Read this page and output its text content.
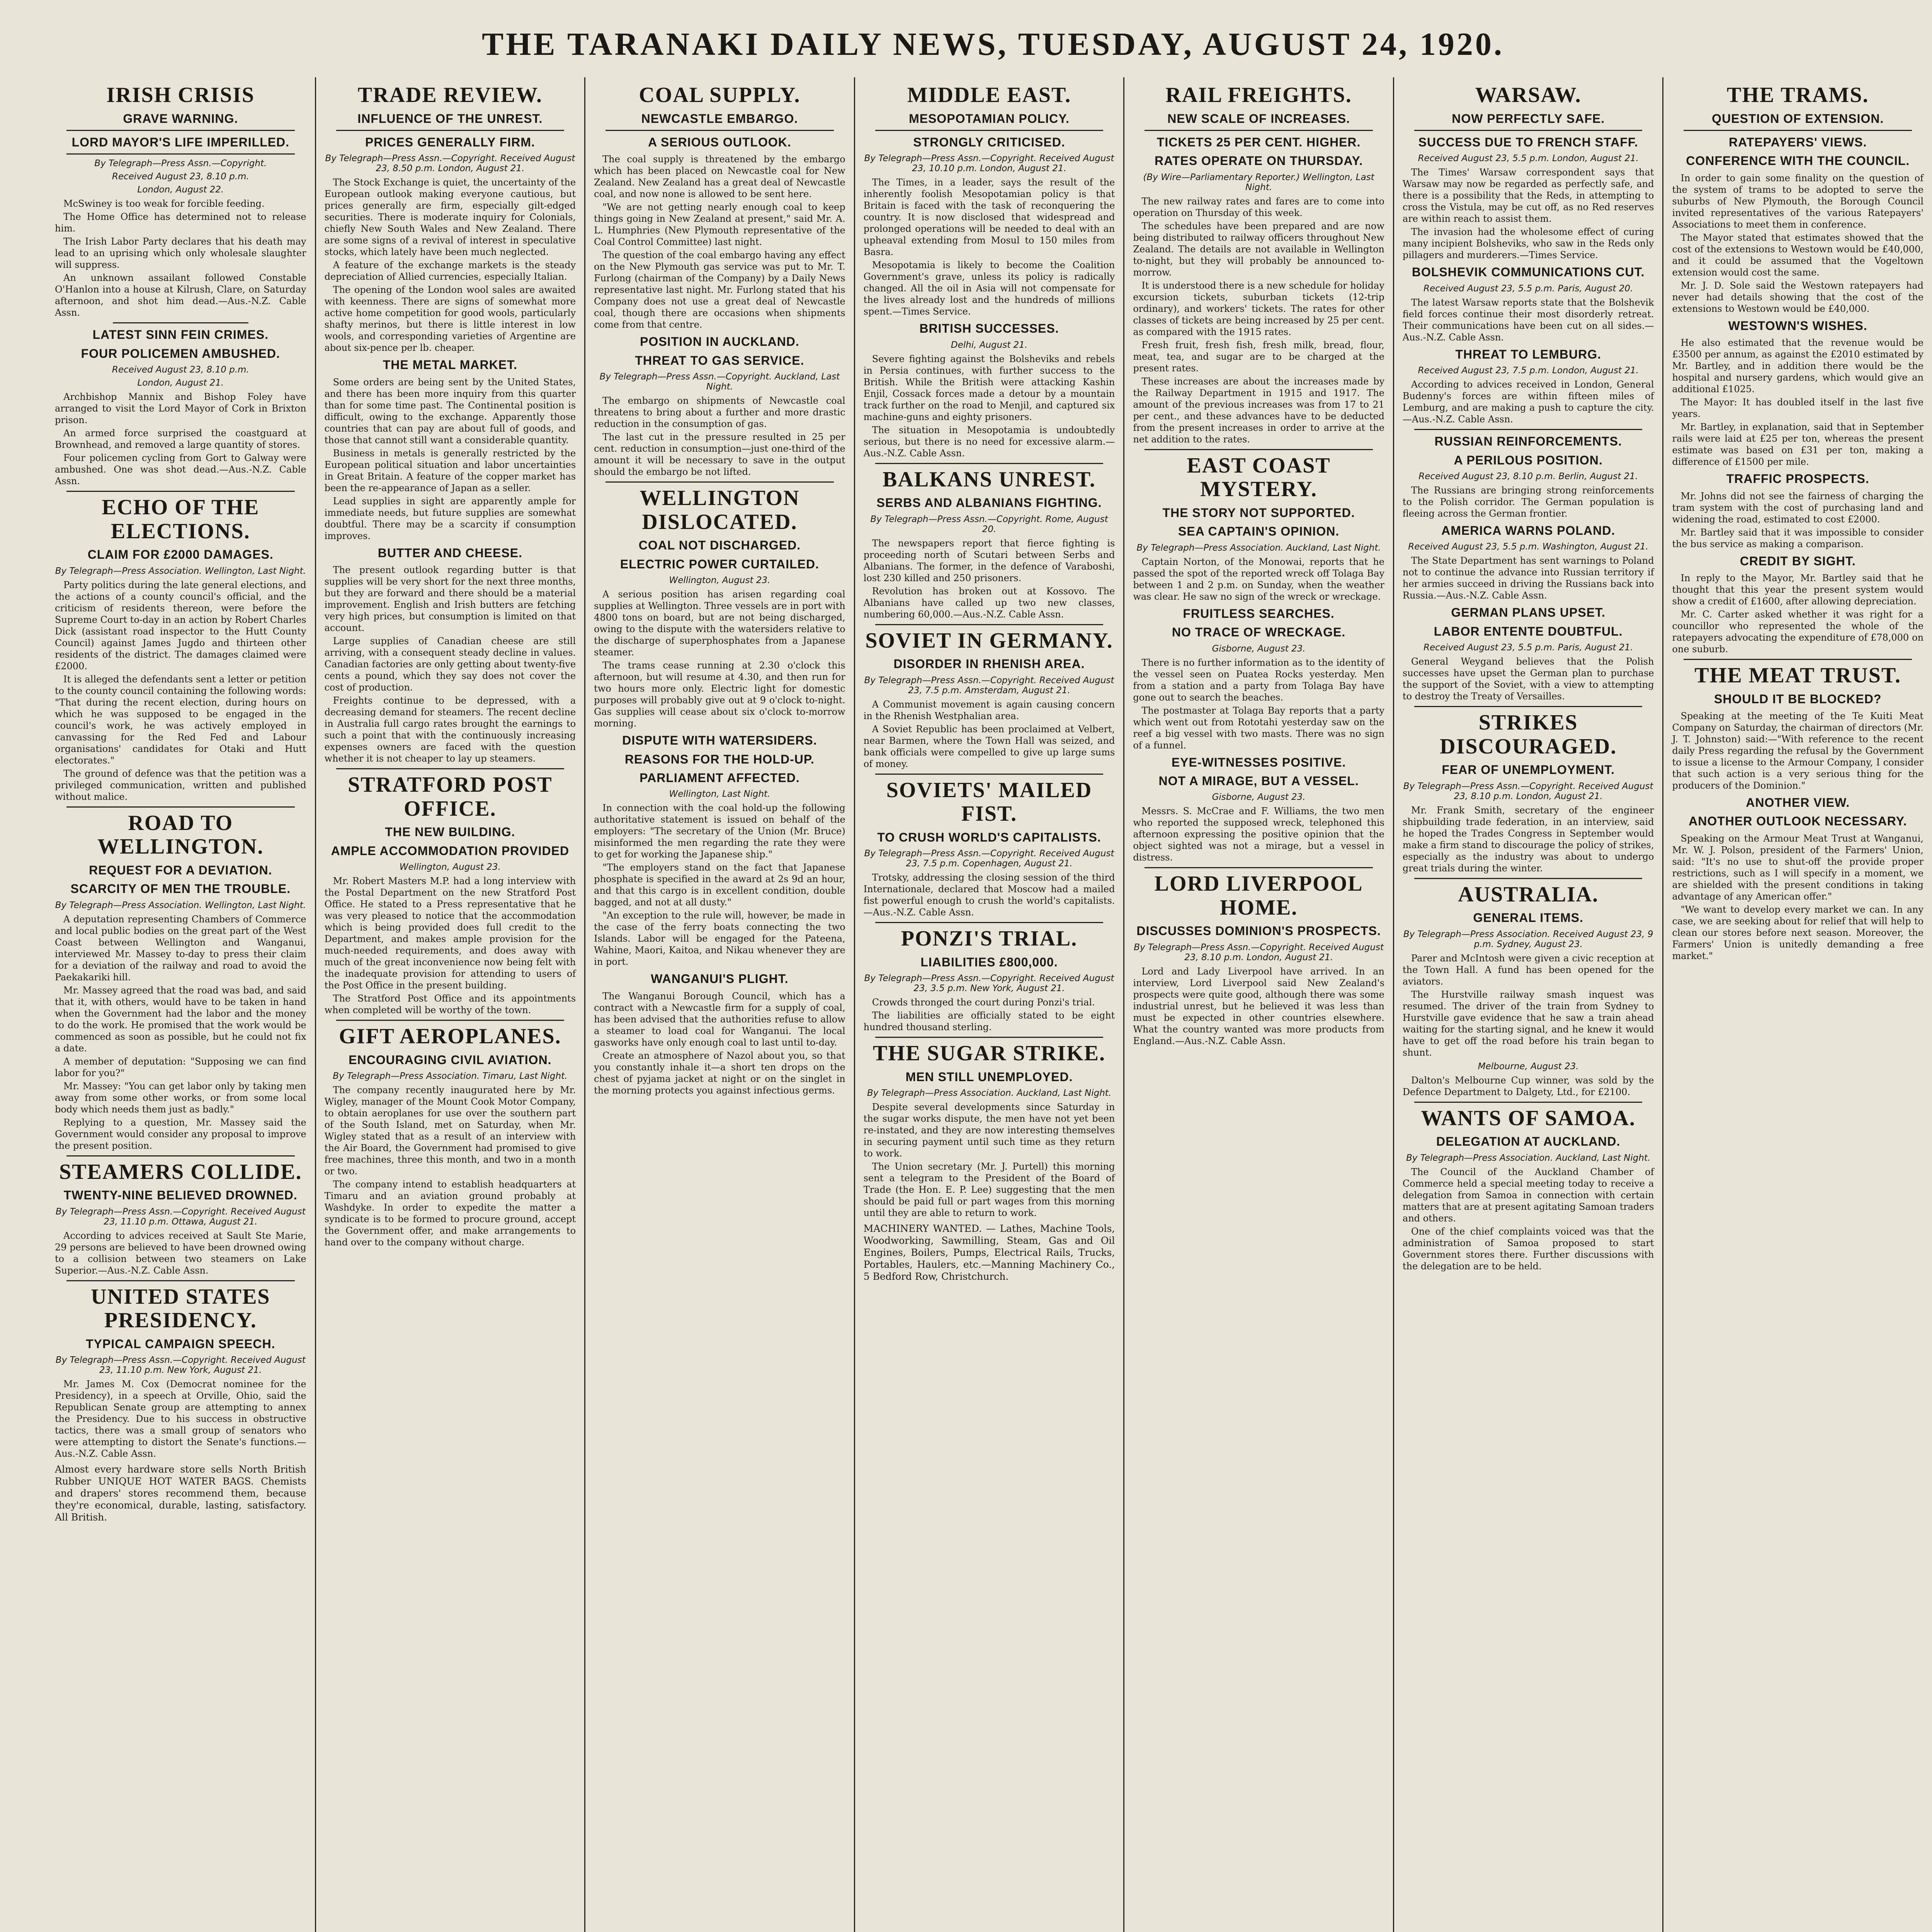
THE TARANAKI DAILY NEWS, TUESDAY, AUGUST 24, 1920.
IRISH CRISIS
GRAVE WARNING.
LORD MAYOR'S LIFE IMPERILLED.
By Telegraph—Press Assn.—Copyright.
Received August 23, 8.10 p.m.
London, August 22.
McSwiney is too weak for forcible feeding.
The Home Office has determined not to release him.
The Irish Labor Party declares that his death may lead to an uprising which only wholesale slaughter will suppress.
An unknown assailant followed Constable O'Hanlon into a house at Kilrush, Clare, on Saturday afternoon, and shot him dead.—Aus.-N.Z. Cable Assn.
LATEST SINN FEIN CRIMES.
FOUR POLICEMEN AMBUSHED.
Received August 23, 8.10 p.m.
London, August 21.
Archbishop Mannix and Bishop Foley have arranged to visit the Lord Mayor of Cork in Brixton prison.
An armed force surprised the coastguard at Brownhead, and removed a large quantity of stores.
Four policemen cycling from Gort to Galway were ambushed. One was shot dead.—Aus.-N.Z. Cable Assn.
ECHO OF THE ELECTIONS.
CLAIM FOR £2000 DAMAGES.
By Telegraph—Press Association. Wellington, Last Night.
Party politics during the late general elections, and the actions of a county council's official, and the criticism of residents thereon, were before the Supreme Court to-day in an action by Robert Charles Dick (assistant road inspector to the Hutt County Council) against James Jugdo and thirteen other residents of the district. The damages claimed were £2000.
It is alleged the defendants sent a letter or petition to the county council containing the following words: "That during the recent election, during hours on which he was supposed to be engaged in the council's work, he was actively employed in canvassing for the Red Fed and Labour organisations' candidates for Otaki and Hutt electorates."
The ground of defence was that the petition was a privileged communication, written and published without malice.
ROAD TO WELLINGTON.
REQUEST FOR A DEVIATION.
SCARCITY OF MEN THE TROUBLE.
By Telegraph—Press Association. Wellington, Last Night.
A deputation representing Chambers of Commerce and local public bodies on the great part of the West Coast between Wellington and Wanganui, interviewed Mr. Massey to-day to press their claim for a deviation of the railway and road to avoid the Paekakariki hill.
Mr. Massey agreed that the road was bad, and said that it, with others, would have to be taken in hand when the Government had the labor and the money to do the work. He promised that the work would be commenced as soon as possible, but he could not fix a date.
A member of deputation: "Supposing we can find labor for you?"
Mr. Massey: "You can get labor only by taking men away from some other works, or from some local body which needs them just as badly."
Replying to a question, Mr. Massey said the Government would consider any proposal to improve the present position.
STEAMERS COLLIDE.
TWENTY-NINE BELIEVED DROWNED.
By Telegraph—Press Assn.—Copyright. Received August 23, 11.10 p.m. Ottawa, August 21.
According to advices received at Sault Ste Marie, 29 persons are believed to have been drowned owing to a collision between two steamers on Lake Superior.—Aus.-N.Z. Cable Assn.
UNITED STATES PRESIDENCY.
TYPICAL CAMPAIGN SPEECH.
By Telegraph—Press Assn.—Copyright. Received August 23, 11.10 p.m. New York, August 21.
Mr. James M. Cox (Democrat nominee for the Presidency), in a speech at Orville, Ohio, said the Republican Senate group are attempting to annex the Presidency. Due to his success in obstructive tactics, there was a small group of senators who were attempting to distort the Senate's functions.—Aus.-N.Z. Cable Assn.
Almost every hardware store sells North British Rubber UNIQUE HOT WATER BAGS. Chemists and drapers' stores recommend them, because they're economical, durable, lasting, satisfactory. All British.
TRADE REVIEW.
INFLUENCE OF THE UNREST.
PRICES GENERALLY FIRM.
By Telegraph—Press Assn.—Copyright. Received August 23, 8.50 p.m. London, August 21.
The Stock Exchange is quiet, the uncertainty of the European outlook making everyone cautious, but prices generally are firm, especially gilt-edged securities. There is moderate inquiry for Colonials, chiefly New South Wales and New Zealand. There are some signs of a revival of interest in speculative stocks, which lately have been much neglected.
A feature of the exchange markets is the steady depreciation of Allied currencies, especially Italian.
The opening of the London wool sales are awaited with keenness. There are signs of somewhat more active home competition for good wools, particularly shafty merinos, but there is little interest in low wools, and corresponding varieties of Argentine are about six-pence per lb. cheaper.
THE METAL MARKET.
Some orders are being sent by the United States, and there has been more inquiry from this quarter than for some time past. The Continental position is difficult, owing to the exchange. Apparently those countries that can pay are about full of goods, and those that cannot still want a considerable quantity.
Business in metals is generally restricted by the European political situation and labor uncertainties in Great Britain. A feature of the copper market has been the re-appearance of Japan as a seller.
Lead supplies in sight are apparently ample for immediate needs, but future supplies are somewhat doubtful. There may be a scarcity if consumption improves.
BUTTER AND CHEESE.
The present outlook regarding butter is that supplies will be very short for the next three months, but they are forward and there should be a material improvement. English and Irish butters are fetching very high prices, but consumption is limited on that account.
Large supplies of Canadian cheese are still arriving, with a consequent steady decline in values. Canadian factories are only getting about twenty-five cents a pound, which they say does not cover the cost of production.
Freights continue to be depressed, with a decreasing demand for steamers. The recent decline in Australia full cargo rates brought the earnings to such a point that with the continuously increasing expenses owners are faced with the question whether it is not cheaper to lay up steamers.
STRATFORD POST OFFICE.
THE NEW BUILDING.
AMPLE ACCOMMODATION PROVIDED
Wellington, August 23.
Mr. Robert Masters M.P. had a long interview with the Postal Department on the new Stratford Post Office. He stated to a Press representative that he was very pleased to notice that the accommodation which is being provided does full credit to the Department, and makes ample provision for the much-needed requirements, and does away with much of the great inconvenience now being felt with the inadequate provision for attending to users of the Post Office in the present building.
The Stratford Post Office and its appointments when completed will be worthy of the town.
GIFT AEROPLANES.
ENCOURAGING CIVIL AVIATION.
By Telegraph—Press Association. Timaru, Last Night.
The company recently inaugurated here by Mr. Wigley, manager of the Mount Cook Motor Company, to obtain aeroplanes for use over the southern part of the South Island, met on Saturday, when Mr. Wigley stated that as a result of an interview with the Air Board, the Government had promised to give free machines, three this month, and two in a month or two.
The company intend to establish headquarters at Timaru and an aviation ground probably at Washdyke. In order to expedite the matter a syndicate is to be formed to procure ground, accept the Government offer, and make arrangements to hand over to the company without charge.
COAL SUPPLY.
NEWCASTLE EMBARGO.
A SERIOUS OUTLOOK.
The coal supply is threatened by the embargo which has been placed on Newcastle coal for New Zealand. New Zealand has a great deal of Newcastle coal, and now none is allowed to be sent here.
"We are not getting nearly enough coal to keep things going in New Zealand at present," said Mr. A. L. Humphries (New Plymouth representative of the Coal Control Committee) last night.
The question of the coal embargo having any effect on the New Plymouth gas service was put to Mr. T. Furlong (chairman of the Company) by a Daily News representative last night. Mr. Furlong stated that his Company does not use a great deal of Newcastle coal, though there are occasions when shipments come from that centre.
POSITION IN AUCKLAND.
THREAT TO GAS SERVICE.
By Telegraph—Press Assn.—Copyright. Auckland, Last Night.
The embargo on shipments of Newcastle coal threatens to bring about a further and more drastic reduction in the consumption of gas.
The last cut in the pressure resulted in 25 per cent. reduction in consumption—just one-third of the amount it will be necessary to save in the output should the embargo be not lifted.
WELLINGTON DISLOCATED.
COAL NOT DISCHARGED.
ELECTRIC POWER CURTAILED.
Wellington, August 23.
A serious position has arisen regarding coal supplies at Wellington. Three vessels are in port with 4800 tons on board, but are not being discharged, owing to the dispute with the watersiders relative to the discharge of superphosphates from a Japanese steamer.
The trams cease running at 2.30 o'clock this afternoon, but will resume at 4.30, and then run for two hours more only. Electric light for domestic purposes will probably give out at 9 o'clock to-night. Gas supplies will cease about six o'clock to-morrow morning.
DISPUTE WITH WATERSIDERS.
REASONS FOR THE HOLD-UP.
PARLIAMENT AFFECTED.
Wellington, Last Night.
In connection with the coal hold-up the following authoritative statement is issued on behalf of the employers: "The secretary of the Union (Mr. Bruce) misinformed the men regarding the rate they were to get for working the Japanese ship."
"The employers stand on the fact that Japanese phosphate is specified in the award at 2s 9d an hour, and that this cargo is in excellent condition, double bagged, and not at all dusty."
"An exception to the rule will, however, be made in the case of the ferry boats connecting the two Islands. Labor will be engaged for the Pateena, Wahine, Maori, Kaitoa, and Nikau whenever they are in port.
WANGANUI'S PLIGHT.
The Wanganui Borough Council, which has a contract with a Newcastle firm for a supply of coal, has been advised that the authorities refuse to allow a steamer to load coal for Wanganui. The local gasworks have only enough coal to last until to-day.
Create an atmosphere of Nazol about you, so that you constantly inhale it—a short ten drops on the chest of pyjama jacket at night or on the singlet in the morning protects you against infectious germs.
MIDDLE EAST.
MESOPOTAMIAN POLICY.
STRONGLY CRITICISED.
By Telegraph—Press Assn.—Copyright. Received August 23, 10.10 p.m. London, August 21.
The Times, in a leader, says the result of the inherently foolish Mesopotamian policy is that Britain is faced with the task of reconquering the country. It is now disclosed that widespread and prolonged operations will be needed to deal with an upheaval extending from Mosul to 150 miles from Basra.
Mesopotamia is likely to become the Coalition Government's grave, unless its policy is radically changed. All the oil in Asia will not compensate for the lives already lost and the hundreds of millions spent.—Times Service.
BRITISH SUCCESSES.
Delhi, August 21.
Severe fighting against the Bolsheviks and rebels in Persia continues, with further success to the British. While the British were attacking Kashin Enjil, Cossack forces made a detour by a mountain track further on the road to Menjil, and captured six machine-guns and eighty prisoners.
The situation in Mesopotamia is undoubtedly serious, but there is no need for excessive alarm.—Aus.-N.Z. Cable Assn.
BALKANS UNREST.
SERBS AND ALBANIANS FIGHTING.
By Telegraph—Press Assn.—Copyright. Rome, August 20.
The newspapers report that fierce fighting is proceeding north of Scutari between Serbs and Albanians. The former, in the defence of Varaboshi, lost 230 killed and 250 prisoners.
Revolution has broken out at Kossovo. The Albanians have called up two new classes, numbering 60,000.—Aus.-N.Z. Cable Assn.
SOVIET IN GERMANY.
DISORDER IN RHENISH AREA.
By Telegraph—Press Assn.—Copyright. Received August 23, 7.5 p.m. Amsterdam, August 21.
A Communist movement is again causing concern in the Rhenish Westphalian area.
A Soviet Republic has been proclaimed at Velbert, near Barmen, where the Town Hall was seized, and bank officials were compelled to give up large sums of money.
SOVIETS' MAILED FIST.
TO CRUSH WORLD'S CAPITALISTS.
By Telegraph—Press Assn.—Copyright. Received August 23, 7.5 p.m. Copenhagen, August 21.
Trotsky, addressing the closing session of the third Internationale, declared that Moscow had a mailed fist powerful enough to crush the world's capitalists.—Aus.-N.Z. Cable Assn.
PONZI'S TRIAL.
LIABILITIES £800,000.
By Telegraph—Press Assn.—Copyright. Received August 23, 3.5 p.m. New York, August 21.
Crowds thronged the court during Ponzi's trial.
The liabilities are officially stated to be eight hundred thousand sterling.
THE SUGAR STRIKE.
MEN STILL UNEMPLOYED.
By Telegraph—Press Association. Auckland, Last Night.
Despite several developments since Saturday in the sugar works dispute, the men have not yet been re-instated, and they are now interesting themselves in securing payment until such time as they return to work.
The Union secretary (Mr. J. Purtell) this morning sent a telegram to the President of the Board of Trade (the Hon. E. P. Lee) suggesting that the men should be paid full or part wages from this morning until they are able to return to work.
MACHINERY WANTED. — Lathes, Machine Tools, Woodworking, Sawmilling, Steam, Gas and Oil Engines, Boilers, Pumps, Electrical Rails, Trucks, Portables, Haulers, etc.—Manning Machinery Co., 5 Bedford Row, Christchurch.
RAIL FREIGHTS.
NEW SCALE OF INCREASES.
TICKETS 25 PER CENT. HIGHER.
RATES OPERATE ON THURSDAY.
(By Wire—Parliamentary Reporter.) Wellington, Last Night.
The new railway rates and fares are to come into operation on Thursday of this week.
The schedules have been prepared and are now being distributed to railway officers throughout New Zealand. The details are not available in Wellington to-night, but they will probably be announced to-morrow.
It is understood there is a new schedule for holiday excursion tickets, suburban tickets (12-trip ordinary), and workers' tickets. The rates for other classes of tickets are being increased by 25 per cent. as compared with the 1915 rates.
Fresh fruit, fresh fish, fresh milk, bread, flour, meat, tea, and sugar are to be charged at the present rates.
These increases are about the increases made by the Railway Department in 1915 and 1917. The amount of the previous increases was from 17 to 21 per cent., and these advances have to be deducted from the present increases in order to arrive at the net addition to the rates.
EAST COAST MYSTERY.
THE STORY NOT SUPPORTED.
SEA CAPTAIN'S OPINION.
By Telegraph—Press Association. Auckland, Last Night.
Captain Norton, of the Monowai, reports that he passed the spot of the reported wreck off Tolaga Bay between 1 and 2 p.m. on Sunday, when the weather was clear. He saw no sign of the wreck or wreckage.
FRUITLESS SEARCHES.
NO TRACE OF WRECKAGE.
Gisborne, August 23.
There is no further information as to the identity of the vessel seen on Puatea Rocks yesterday. Men from a station and a party from Tolaga Bay have gone out to search the beaches.
The postmaster at Tolaga Bay reports that a party which went out from Rototahi yesterday saw on the reef a big vessel with two masts. There was no sign of a funnel.
EYE-WITNESSES POSITIVE.
NOT A MIRAGE, BUT A VESSEL.
Gisborne, August 23.
Messrs. S. McCrae and F. Williams, the two men who reported the supposed wreck, telephoned this afternoon expressing the positive opinion that the object sighted was not a mirage, but a vessel in distress.
LORD LIVERPOOL HOME.
DISCUSSES DOMINION'S PROSPECTS.
By Telegraph—Press Assn.—Copyright. Received August 23, 8.10 p.m. London, August 21.
Lord and Lady Liverpool have arrived. In an interview, Lord Liverpool said New Zealand's prospects were quite good, although there was some industrial unrest, but he believed it was less than must be expected in other countries elsewhere. What the country wanted was more products from England.—Aus.-N.Z. Cable Assn.
WARSAW.
NOW PERFECTLY SAFE.
SUCCESS DUE TO FRENCH STAFF.
Received August 23, 5.5 p.m. London, August 21.
The Times' Warsaw correspondent says that Warsaw may now be regarded as perfectly safe, and there is a possibility that the Reds, in attempting to cross the Vistula, may be cut off, as no Red reserves are within reach to assist them.
The invasion had the wholesome effect of curing many incipient Bolsheviks, who saw in the Reds only pillagers and murderers.—Times Service.
BOLSHEVIK COMMUNICATIONS CUT.
Received August 23, 5.5 p.m. Paris, August 20.
The latest Warsaw reports state that the Bolshevik field forces continue their most disorderly retreat. Their communications have been cut on all sides.—Aus.-N.Z. Cable Assn.
THREAT TO LEMBURG.
Received August 23, 7.5 p.m. London, August 21.
According to advices received in London, General Budenny's forces are within fifteen miles of Lemburg, and are making a push to capture the city.—Aus.-N.Z. Cable Assn.
RUSSIAN REINFORCEMENTS.
A PERILOUS POSITION.
Received August 23, 8.10 p.m. Berlin, August 21.
The Russians are bringing strong reinforcements to the Polish corridor. The German population is fleeing across the German frontier.
AMERICA WARNS POLAND.
Received August 23, 5.5 p.m. Washington, August 21.
The State Department has sent warnings to Poland not to continue the advance into Russian territory if her armies succeed in driving the Russians back into Russia.—Aus.-N.Z. Cable Assn.
GERMAN PLANS UPSET.
LABOR ENTENTE DOUBTFUL.
Received August 23, 5.5 p.m. Paris, August 21.
General Weygand believes that the Polish successes have upset the German plan to purchase the support of the Soviet, with a view to attempting to destroy the Treaty of Versailles.
STRIKES DISCOURAGED.
FEAR OF UNEMPLOYMENT.
By Telegraph—Press Assn.—Copyright. Received August 23, 8.10 p.m. London, August 21.
Mr. Frank Smith, secretary of the engineer shipbuilding trade federation, in an interview, said he hoped the Trades Congress in September would make a firm stand to discourage the policy of strikes, especially as the industry was about to undergo great trials during the winter.
AUSTRALIA.
GENERAL ITEMS.
By Telegraph—Press Association. Received August 23, 9 p.m. Sydney, August 23.
Parer and McIntosh were given a civic reception at the Town Hall. A fund has been opened for the aviators.
The Hurstville railway smash inquest was resumed. The driver of the train from Sydney to Hurstville gave evidence that he saw a train ahead waiting for the starting signal, and he knew it would have to get off the road before his train began to shunt.
Melbourne, August 23.
Dalton's Melbourne Cup winner, was sold by the Defence Department to Dalgety, Ltd., for £2100.
WANTS OF SAMOA.
DELEGATION AT AUCKLAND.
By Telegraph—Press Association. Auckland, Last Night.
The Council of the Auckland Chamber of Commerce held a special meeting today to receive a delegation from Samoa in connection with certain matters that are at present agitating Samoan traders and others.
One of the chief complaints voiced was that the administration of Samoa proposed to start Government stores there. Further discussions with the delegation are to be held.
THE TRAMS.
QUESTION OF EXTENSION.
RATEPAYERS' VIEWS.
CONFERENCE WITH THE COUNCIL.
In order to gain some finality on the question of the system of trams to be adopted to serve the suburbs of New Plymouth, the Borough Council invited representatives of the various Ratepayers' Associations to meet them in conference.
The Mayor stated that estimates showed that the cost of the extensions to Westown would be £40,000, and it could be assumed that the Vogeltown extension would cost the same.
Mr. J. D. Sole said the Westown ratepayers had never had details showing that the cost of the extensions to Westown would be £40,000.
WESTOWN'S WISHES.
He also estimated that the revenue would be £3500 per annum, as against the £2010 estimated by Mr. Bartley, and in addition there would be the hospital and nursery gardens, which would give an additional £1025.
The Mayor: It has doubled itself in the last five years.
Mr. Bartley, in explanation, said that in September rails were laid at £25 per ton, whereas the present estimate was based on £31 per ton, making a difference of £1500 per mile.
TRAFFIC PROSPECTS.
Mr. Johns did not see the fairness of charging the tram system with the cost of purchasing land and widening the road, estimated to cost £2000.
Mr. Bartley said that it was impossible to consider the bus service as making a comparison.
CREDIT BY SIGHT.
In reply to the Mayor, Mr. Bartley said that he thought that this year the present system would show a credit of £1600, after allowing depreciation.
Mr. C. Carter asked whether it was right for a councillor who represented the whole of the ratepayers advocating the expenditure of £78,000 on one suburb.
THE MEAT TRUST.
SHOULD IT BE BLOCKED?
Speaking at the meeting of the Te Kuiti Meat Company on Saturday, the chairman of directors (Mr. J. T. Johnston) said:—"With reference to the recent daily Press regarding the refusal by the Government to issue a license to the Armour Company, I consider that such action is a very serious thing for the producers of the Dominion."
ANOTHER VIEW.
ANOTHER OUTLOOK NECESSARY.
Speaking on the Armour Meat Trust at Wanganui, Mr. W. J. Polson, president of the Farmers' Union, said: "It's no use to shut-off the provide proper restrictions, such as I will specify in a moment, we are shielded with the present conditions in taking advantage of any American offer."
"We want to develop every market we can. In any case, we are seeking about for relief that will help to clean our stores before next season. Moreover, the Farmers' Union is unitedly demanding a free market."
